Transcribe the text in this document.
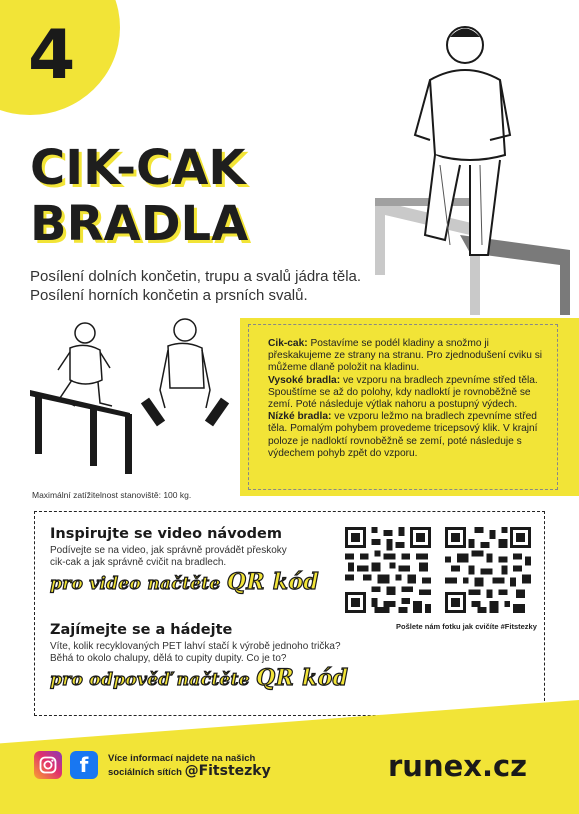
4
CIK-CAK
BRADLA
Posílení dolních končetin, trupu a svalů jádra těla.
Posílení horních končetin a prsních svalů.
Cik-cak: Postavíme se podél kladiny a snožmo ji přeskakujeme ze strany na stranu. Pro zjednodušení cviku si můžeme dlaně položit na kladinu.
Vysoké bradla: ve vzporu na bradlech zpevníme střed těla. Spouštíme se až do polohy, kdy nadloktí je rovnoběžně se zemí. Poté následuje výtlak nahoru a postupný výdech.
Nízké bradla: ve vzporu ležmo na bradlech zpevníme střed těla. Pomalým pohybem provedeme tricepsový klik. V krajní poloze je nadloktí rovnoběžně se zemí, poté následuje s výdechem pohyb zpět do vzporu.
Maximální zatížitelnost stanoviště: 100 kg.
Inspirujte se video návodem
Podívejte se na video, jak správně provádět přeskoky
cik-cak a jak správně cvičit na bradlech.
pro video načtěte QR kód
Zajímejte se a hádejte
Víte, kolik recyklovaných PET lahví stačí k výrobě jednoho trička?
Běhá to okolo chalupy, dělá to cupity dupity. Co je to?
pro odpověď načtěte QR kód
Pošlete nám fotku jak cvičíte #Fitstezky
f	Více informací najdete na našich
sociálních sítích @Fitstezky	runex.cz
